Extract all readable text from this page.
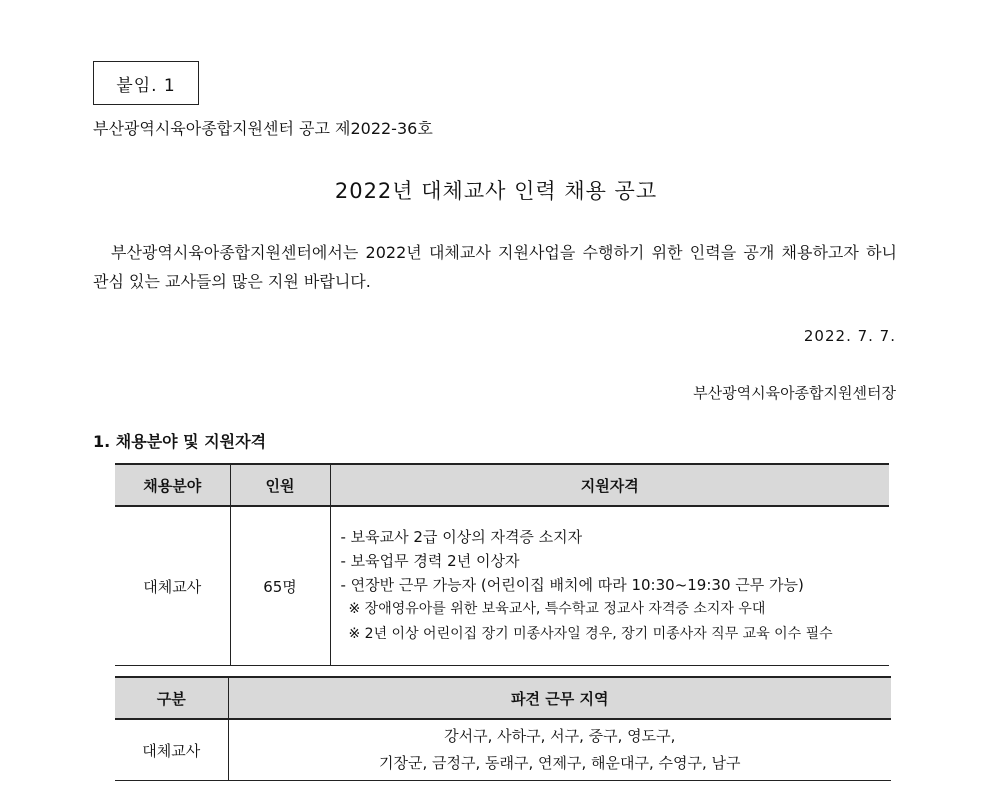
붙임. 1
부산광역시육아종합지원센터 공고 제2022-36호
2022년 대체교사 인력 채용 공고
부산광역시육아종합지원센터에서는 2022년 대체교사 지원사업을 수행하기 위한 인력을 공개 채용하고자 하니 관심 있는 교사들의 많은 지원 바랍니다.
2022. 7. 7.
부산광역시육아종합지원센터장
1. 채용분야 및 지원자격
채용분야	인원	지원자격
대체교사	65명	- 보육교사 2급 이상의 자격증 소지자
- 보육업무 경력 2년 이상자
- 연장반 근무 가능자 (어린이집 배치에 따라 10:30~19:30 근무 가능)
※ 장애영유아를 위한 보육교사, 특수학교 정교사 자격증 소지자 우대
※ 2년 이상 어린이집 장기 미종사자일 경우, 장기 미종사자 직무 교육 이수 필수
구분	파견 근무 지역
대체교사	강서구, 사하구, 서구, 중구, 영도구,
기장군, 금정구, 동래구, 연제구, 해운대구, 수영구, 남구
